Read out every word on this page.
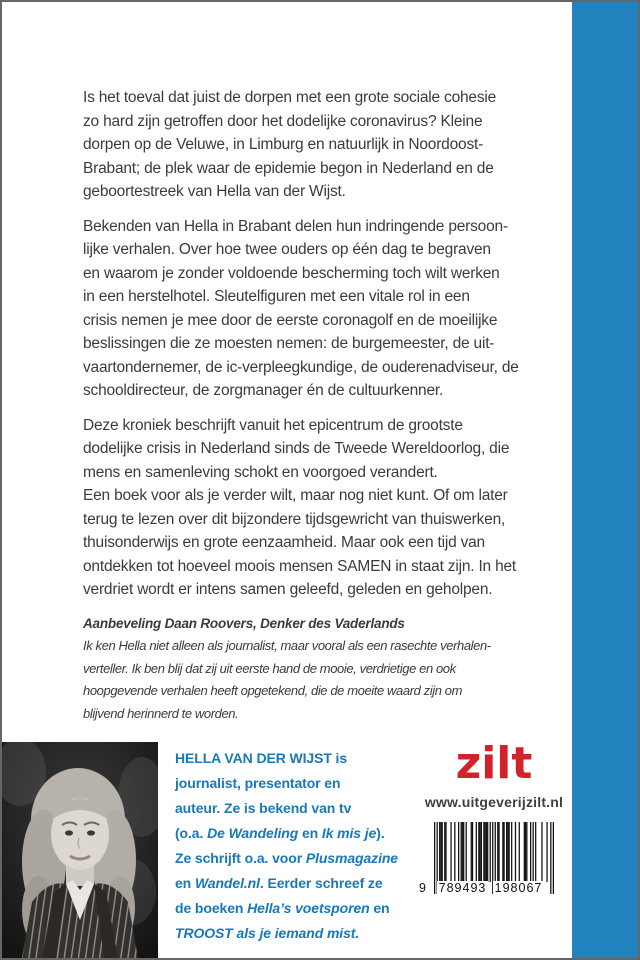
Is het toeval dat juist de dorpen met een grote sociale cohesie
zo hard zijn getroffen door het dodelijke coronavirus? Kleine
dorpen op de Veluwe, in Limburg en natuurlijk in Noordoost-
Brabant; de plek waar de epidemie begon in Nederland en de
geboortestreek van Hella van der Wijst.
Bekenden van Hella in Brabant delen hun indringende persoon-
lijke verhalen. Over hoe twee ouders op één dag te begraven
en waarom je zonder voldoende bescherming toch wilt werken
in een herstelhotel. Sleutelfiguren met een vitale rol in een
crisis nemen je mee door de eerste coronagolf en de moeilijke
beslissingen die ze moesten nemen: de burgemeester, de uit-
vaartondernemer, de ic-verpleegkundige, de ouderenadviseur, de
schooldirecteur, de zorgmanager én de cultuurkenner.
Deze kroniek beschrijft vanuit het epicentrum de grootste
dodelijke crisis in Nederland sinds de Tweede Wereldoorlog, die
mens en samenleving schokt en voorgoed verandert.
Een boek voor als je verder wilt, maar nog niet kunt. Of om later
terug te lezen over dit bijzondere tijdsgewricht van thuiswerken,
thuisonderwijs en grote eenzaamheid. Maar ook een tijd van
ontdekken tot hoeveel moois mensen SAMEN in staat zijn. In het
verdriet wordt er intens samen geleefd, geleden en geholpen.
Aanbeveling Daan Roovers, Denker des Vaderlands
Ik ken Hella niet alleen als journalist, maar vooral als een rasechte verhalen-
verteller. Ik ben blij dat zij uit eerste hand de mooie, verdrietige en ook
hoopgevende verhalen heeft opgetekend, die de moeite waard zijn om
blijvend herinnerd te worden.
HELLA VAN DER WIJST is
journalist, presentator en
auteur. Ze is bekend van tv
(o.a. De Wandeling en Ik mis je).
Ze schrijft o.a. voor Plusmagazine
en Wandel.nl. Eerder schreef ze
de boeken Hella’s voetsporen en
TROOST als je iemand mist.
zilt
www.uitgeverijzilt.nl
9 789493 198067
